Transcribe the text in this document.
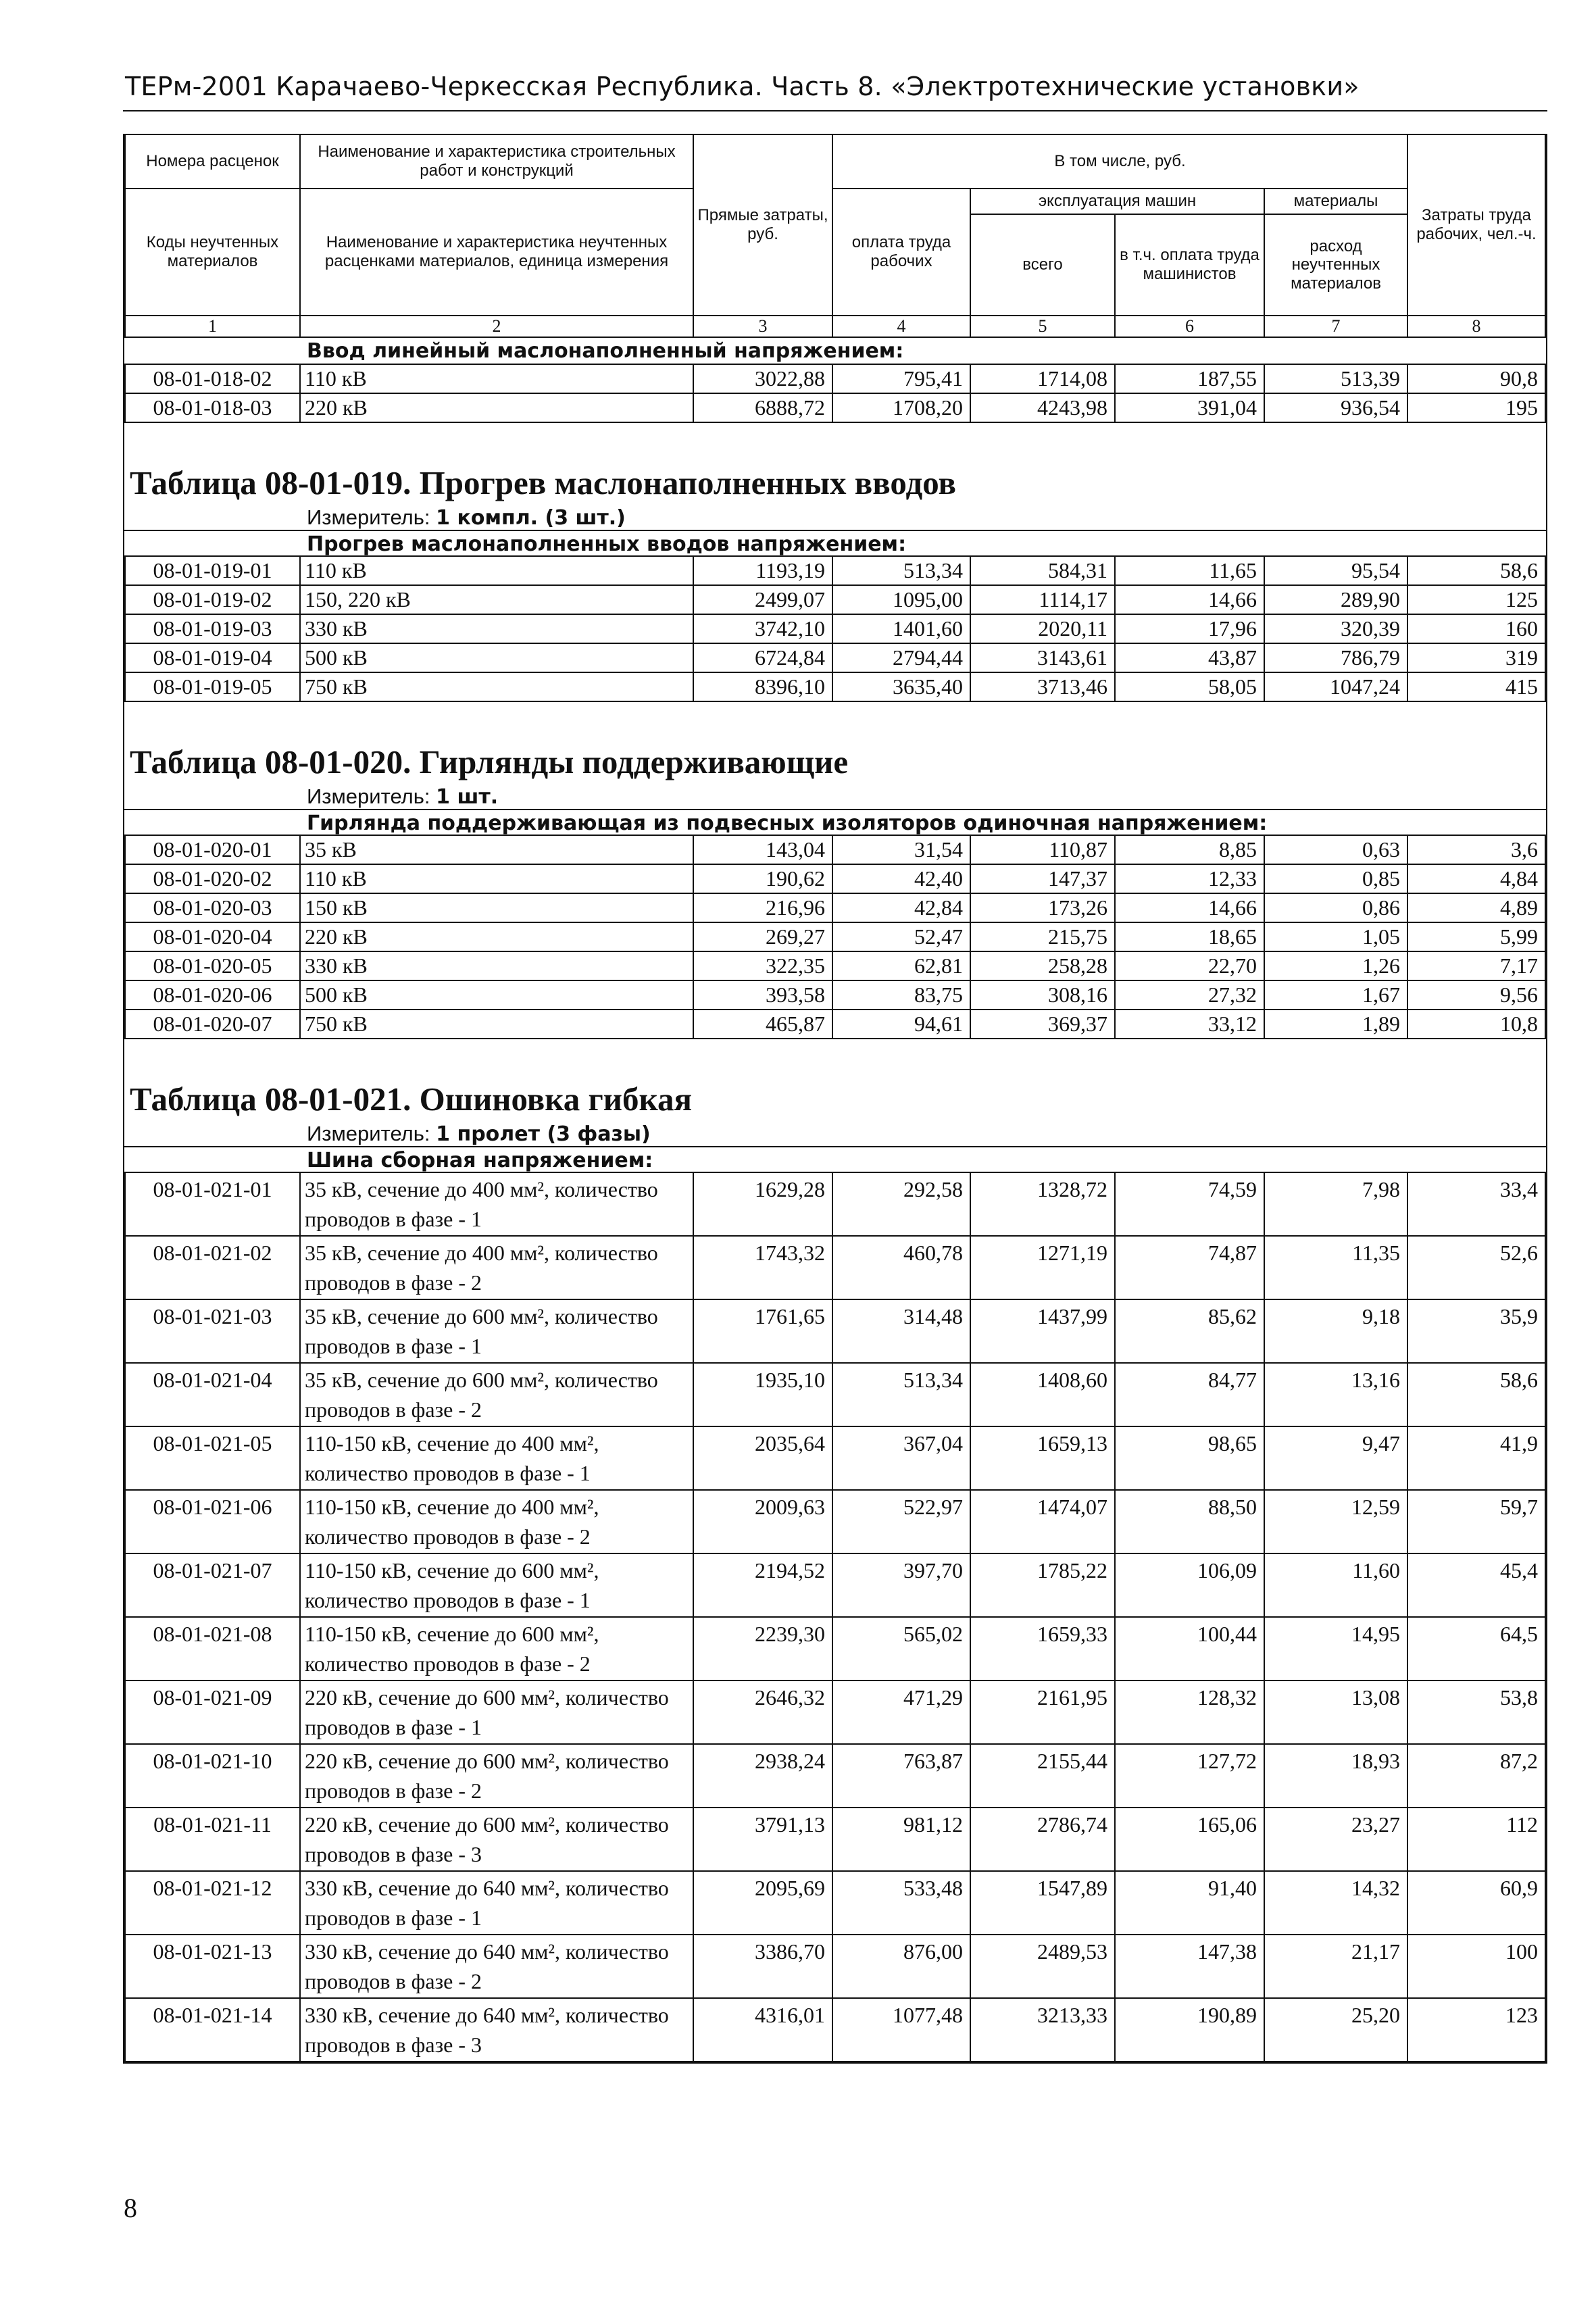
ТЕРм-2001 Карачаево-Черкесская Республика. Часть 8. «Электротехнические установки»
Номера расценок	Наименование и характеристика строительных работ и конструкций	Прямые затраты, руб.	В том числе, руб.				Затраты труда рабочих, чел.-ч.
Коды неучтенных материалов	Наименование и характеристика неучтенных расценками материалов, единица измерения		оплата труда рабочих	эксплуатация машин		материалы	
				всего	в т.ч. оплата труда машинистов	расход неучтенных материалов	
1	2	3	4	5	6	7	8
Ввод линейный маслонаполненный напряжением:
08-01-018-02	110 кВ	3022,88	795,41	1714,08	187,55	513,39	90,8
08-01-018-03	220 кВ	6888,72	1708,20	4243,98	391,04	936,54	195
Таблица 08-01-019. Прогрев маслонаполненных вводов
Измеритель: 1 компл. (3 шт.)
Прогрев маслонаполненных вводов напряжением:
08-01-019-01	110 кВ	1193,19	513,34	584,31	11,65	95,54	58,6
08-01-019-02	150, 220 кВ	2499,07	1095,00	1114,17	14,66	289,90	125
08-01-019-03	330 кВ	3742,10	1401,60	2020,11	17,96	320,39	160
08-01-019-04	500 кВ	6724,84	2794,44	3143,61	43,87	786,79	319
08-01-019-05	750 кВ	8396,10	3635,40	3713,46	58,05	1047,24	415
Таблица 08-01-020. Гирлянды поддерживающие
Измеритель: 1 шт.
Гирлянда поддерживающая из подвесных изоляторов одиночная напряжением:
08-01-020-01	35 кВ	143,04	31,54	110,87	8,85	0,63	3,6
08-01-020-02	110 кВ	190,62	42,40	147,37	12,33	0,85	4,84
08-01-020-03	150 кВ	216,96	42,84	173,26	14,66	0,86	4,89
08-01-020-04	220 кВ	269,27	52,47	215,75	18,65	1,05	5,99
08-01-020-05	330 кВ	322,35	62,81	258,28	22,70	1,26	7,17
08-01-020-06	500 кВ	393,58	83,75	308,16	27,32	1,67	9,56
08-01-020-07	750 кВ	465,87	94,61	369,37	33,12	1,89	10,8
Таблица 08-01-021. Ошиновка гибкая
Измеритель: 1 пролет (3 фазы)
Шина сборная напряжением:
08-01-021-01	35 кВ, сечение до 400 мм², количество проводов в фазе - 1	1629,28	292,58	1328,72	74,59	7,98	33,4
08-01-021-02	35 кВ, сечение до 400 мм², количество проводов в фазе - 2	1743,32	460,78	1271,19	74,87	11,35	52,6
08-01-021-03	35 кВ, сечение до 600 мм², количество проводов в фазе - 1	1761,65	314,48	1437,99	85,62	9,18	35,9
08-01-021-04	35 кВ, сечение до 600 мм², количество проводов в фазе - 2	1935,10	513,34	1408,60	84,77	13,16	58,6
08-01-021-05	110-150 кВ, сечение до 400 мм², количество проводов в фазе - 1	2035,64	367,04	1659,13	98,65	9,47	41,9
08-01-021-06	110-150 кВ, сечение до 400 мм², количество проводов в фазе - 2	2009,63	522,97	1474,07	88,50	12,59	59,7
08-01-021-07	110-150 кВ, сечение до 600 мм², количество проводов в фазе - 1	2194,52	397,70	1785,22	106,09	11,60	45,4
08-01-021-08	110-150 кВ, сечение до 600 мм², количество проводов в фазе - 2	2239,30	565,02	1659,33	100,44	14,95	64,5
08-01-021-09	220 кВ, сечение до 600 мм², количество проводов в фазе - 1	2646,32	471,29	2161,95	128,32	13,08	53,8
08-01-021-10	220 кВ, сечение до 600 мм², количество проводов в фазе - 2	2938,24	763,87	2155,44	127,72	18,93	87,2
08-01-021-11	220 кВ, сечение до 600 мм², количество проводов в фазе - 3	3791,13	981,12	2786,74	165,06	23,27	112
08-01-021-12	330 кВ, сечение до 640 мм², количество проводов в фазе - 1	2095,69	533,48	1547,89	91,40	14,32	60,9
08-01-021-13	330 кВ, сечение до 640 мм², количество проводов в фазе - 2	3386,70	876,00	2489,53	147,38	21,17	100
08-01-021-14	330 кВ, сечение до 640 мм², количество проводов в фазе - 3	4316,01	1077,48	3213,33	190,89	25,20	123
8
